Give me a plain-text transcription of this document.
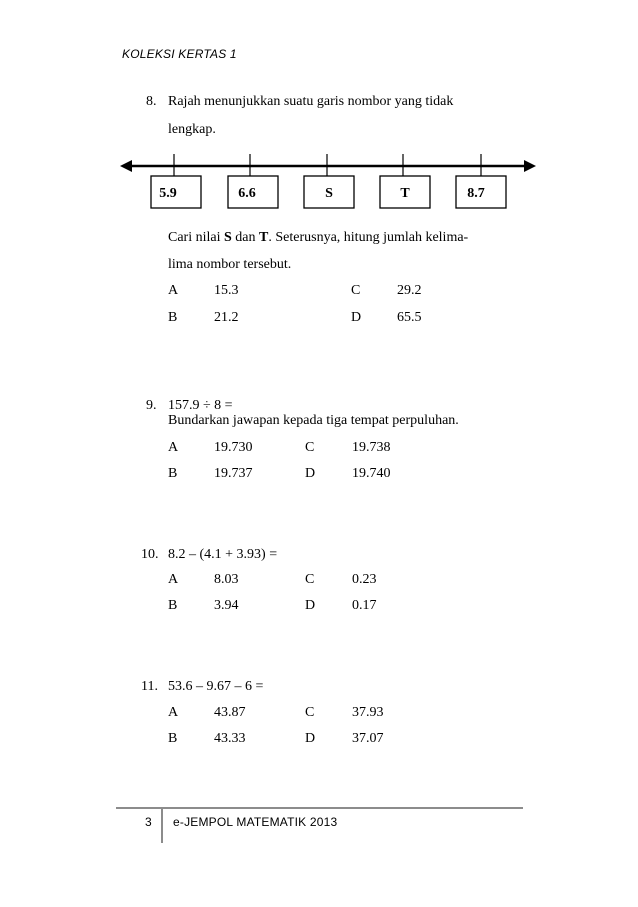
KOLEKSI KERTAS 1
8. Rajah menunjukkan suatu garis nombor yang tidak
lengkap.
5.9	6.6	S	T	8.7
Cari nilai S dan T. Seterusnya, hitung jumlah kelima-
lima nombor tersebut.
A	15.3	C	29.2
B	21.2	D	65.5
9. 157.9 ÷ 8 =
Bundarkan jawapan kepada tiga tempat perpuluhan.
A	19.730	C	19.738
B	19.737	D	19.740
10. 8.2 – (4.1 + 3.93) =
A	8.03	C	0.23
B	3.94	D	0.17
11. 53.6 – 9.67 – 6 =
A	43.87	C	37.93
B	43.33	D	37.07
3 e-JEMPOL MATEMATIK 2013
